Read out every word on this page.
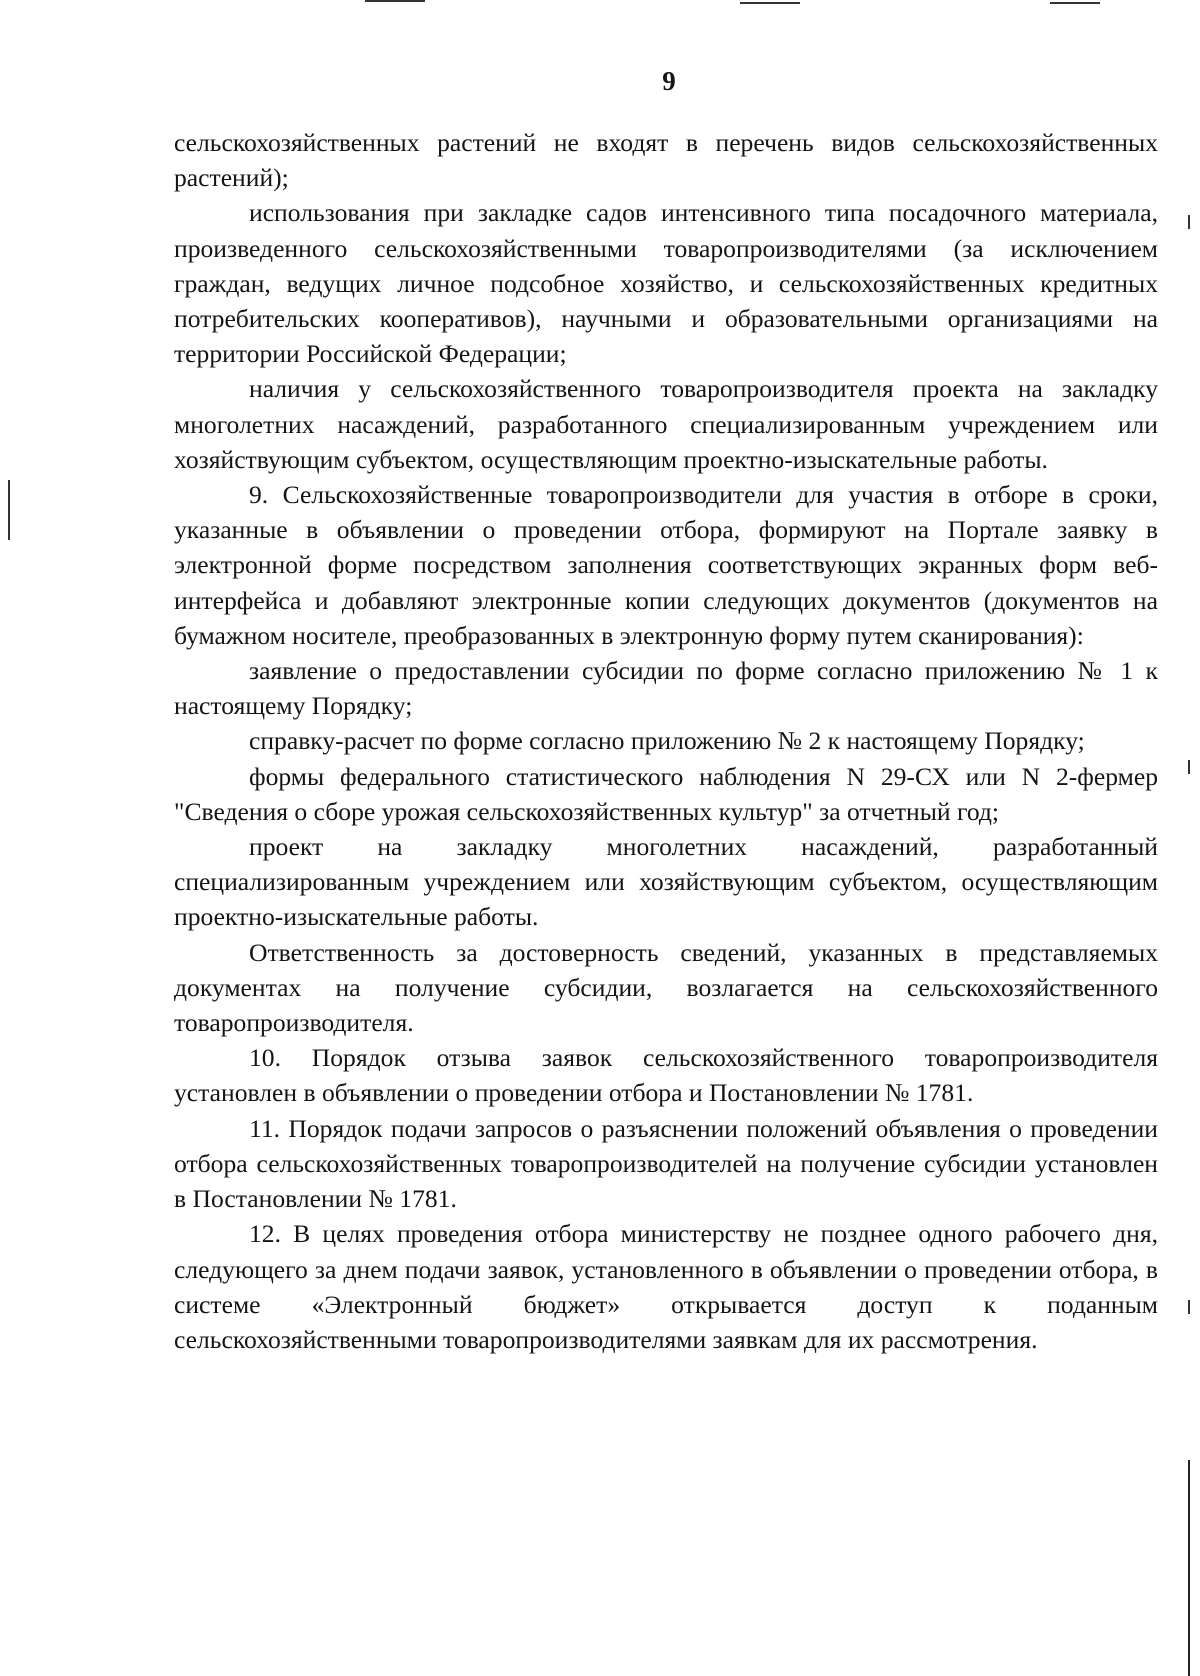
9

сельскохозяйственных растений не входят в перечень видов сельскохозяйственных растений);

использования при закладке садов интенсивного типа посадочного материала, произведенного сельскохозяйственными товаропроизводителями (за исключением граждан, ведущих личное подсобное хозяйство, и сельскохозяйственных кредитных потребительских кооперативов), научными и образовательными организациями на территории Российской Федерации;

наличия у сельскохозяйственного товаропроизводителя проекта на закладку многолетних насаждений, разработанного специализированным учреждением или хозяйствующим субъектом, осуществляющим проектно-изыскательные работы.

9. Сельскохозяйственные товаропроизводители для участия в отборе в сроки, указанные в объявлении о проведении отбора, формируют на Портале заявку в электронной форме посредством заполнения соответствующих экранных форм веб-интерфейса и добавляют электронные копии следующих документов (документов на бумажном носителе, преобразованных в электронную форму путем сканирования):

заявление о предоставлении субсидии по форме согласно приложению № 1 к настоящему Порядку;

справку-расчет по форме согласно приложению № 2 к настоящему Порядку;

формы федерального статистического наблюдения N 29-СХ или N 2-фермер "Сведения о сборе урожая сельскохозяйственных культур" за отчетный год;

проект на закладку многолетних насаждений, разработанный специализированным учреждением или хозяйствующим субъектом, осуществляющим проектно-изыскательные работы.

Ответственность за достоверность сведений, указанных в представляемых документах на получение субсидии, возлагается на сельскохозяйственного товаропроизводителя.

10. Порядок отзыва заявок сельскохозяйственного товаропроизводителя установлен в объявлении о проведении отбора и Постановлении № 1781.

11. Порядок подачи запросов о разъяснении положений объявления о проведении отбора сельскохозяйственных товаропроизводителей на получение субсидии установлен в Постановлении № 1781.

12. В целях проведения отбора министерству не позднее одного рабочего дня, следующего за днем подачи заявок, установленного в объявлении о проведении отбора, в системе «Электронный бюджет» открывается доступ к поданным сельскохозяйственными товаропроизводителями заявкам для их рассмотрения.
